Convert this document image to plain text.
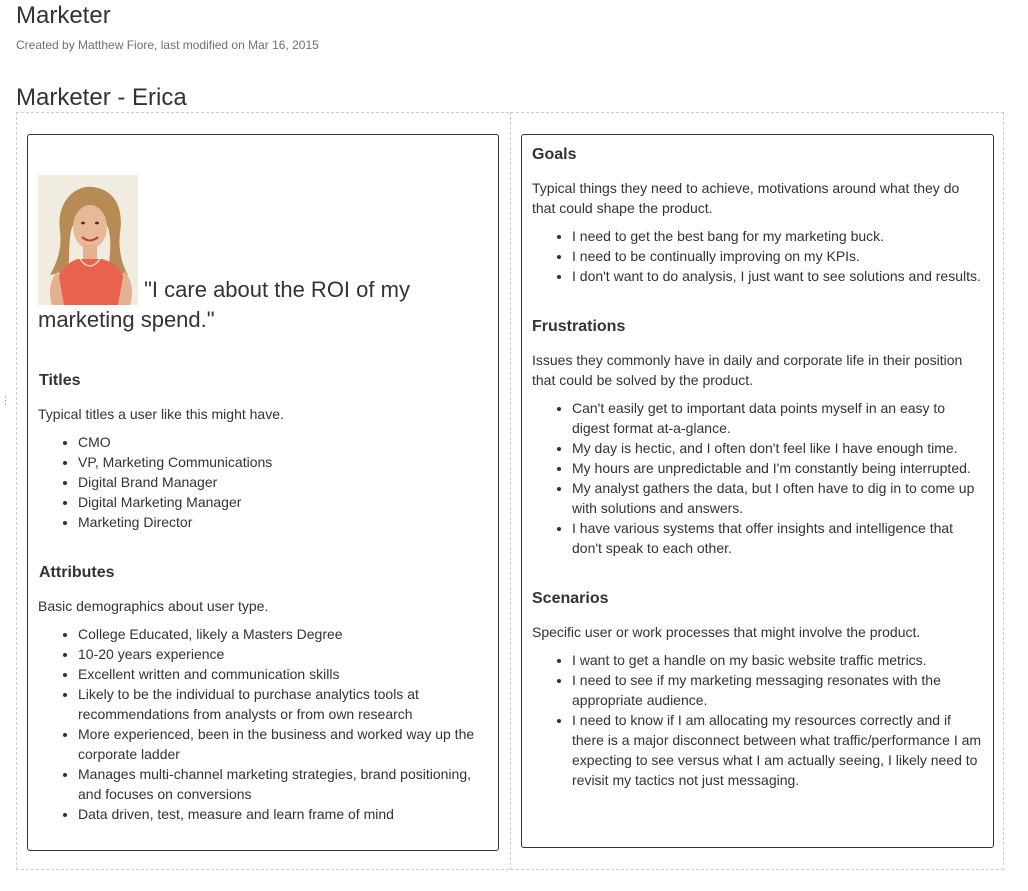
Marketer
Created by Matthew Fiore, last modified on Mar 16, 2015
Marketer - Erica
⋮
"I care about the ROI of my marketing spend."
Titles

Typical titles a user like this might have.

• CMO
• VP, Marketing Communications
• Digital Brand Manager
• Digital Marketing Manager
• Marketing Director
Attributes

Basic demographics about user type.

• College Educated, likely a Masters Degree
• 10-20 years experience
• Excellent written and communication skills
• Likely to be the individual to purchase analytics tools at recommendations from analysts or from own research
• More experienced, been in the business and worked way up the corporate ladder
• Manages multi-channel marketing strategies, brand positioning, and focuses on conversions
• Data driven, test, measure and learn frame of mind
Goals

Typical things they need to achieve, motivations around what they do that could shape the product.

• I need to get the best bang for my marketing buck.
• I need to be continually improving on my KPIs.
• I don't want to do analysis, I just want to see solutions and results.
Frustrations

Issues they commonly have in daily and corporate life in their position that could be solved by the product.

• Can't easily get to important data points myself in an easy to digest format at-a-glance.
• My day is hectic, and I often don't feel like I have enough time.
• My hours are unpredictable and I'm constantly being interrupted.
• My analyst gathers the data, but I often have to dig in to come up with solutions and answers.
• I have various systems that offer insights and intelligence that don't speak to each other.
Scenarios

Specific user or work processes that might involve the product.

• I want to get a handle on my basic website traffic metrics.
• I need to see if my marketing messaging resonates with the appropriate audience.
• I need to know if I am allocating my resources correctly and if there is a major disconnect between what traffic/performance I am expecting to see versus what I am actually seeing, I likely need to revisit my tactics not just messaging.
